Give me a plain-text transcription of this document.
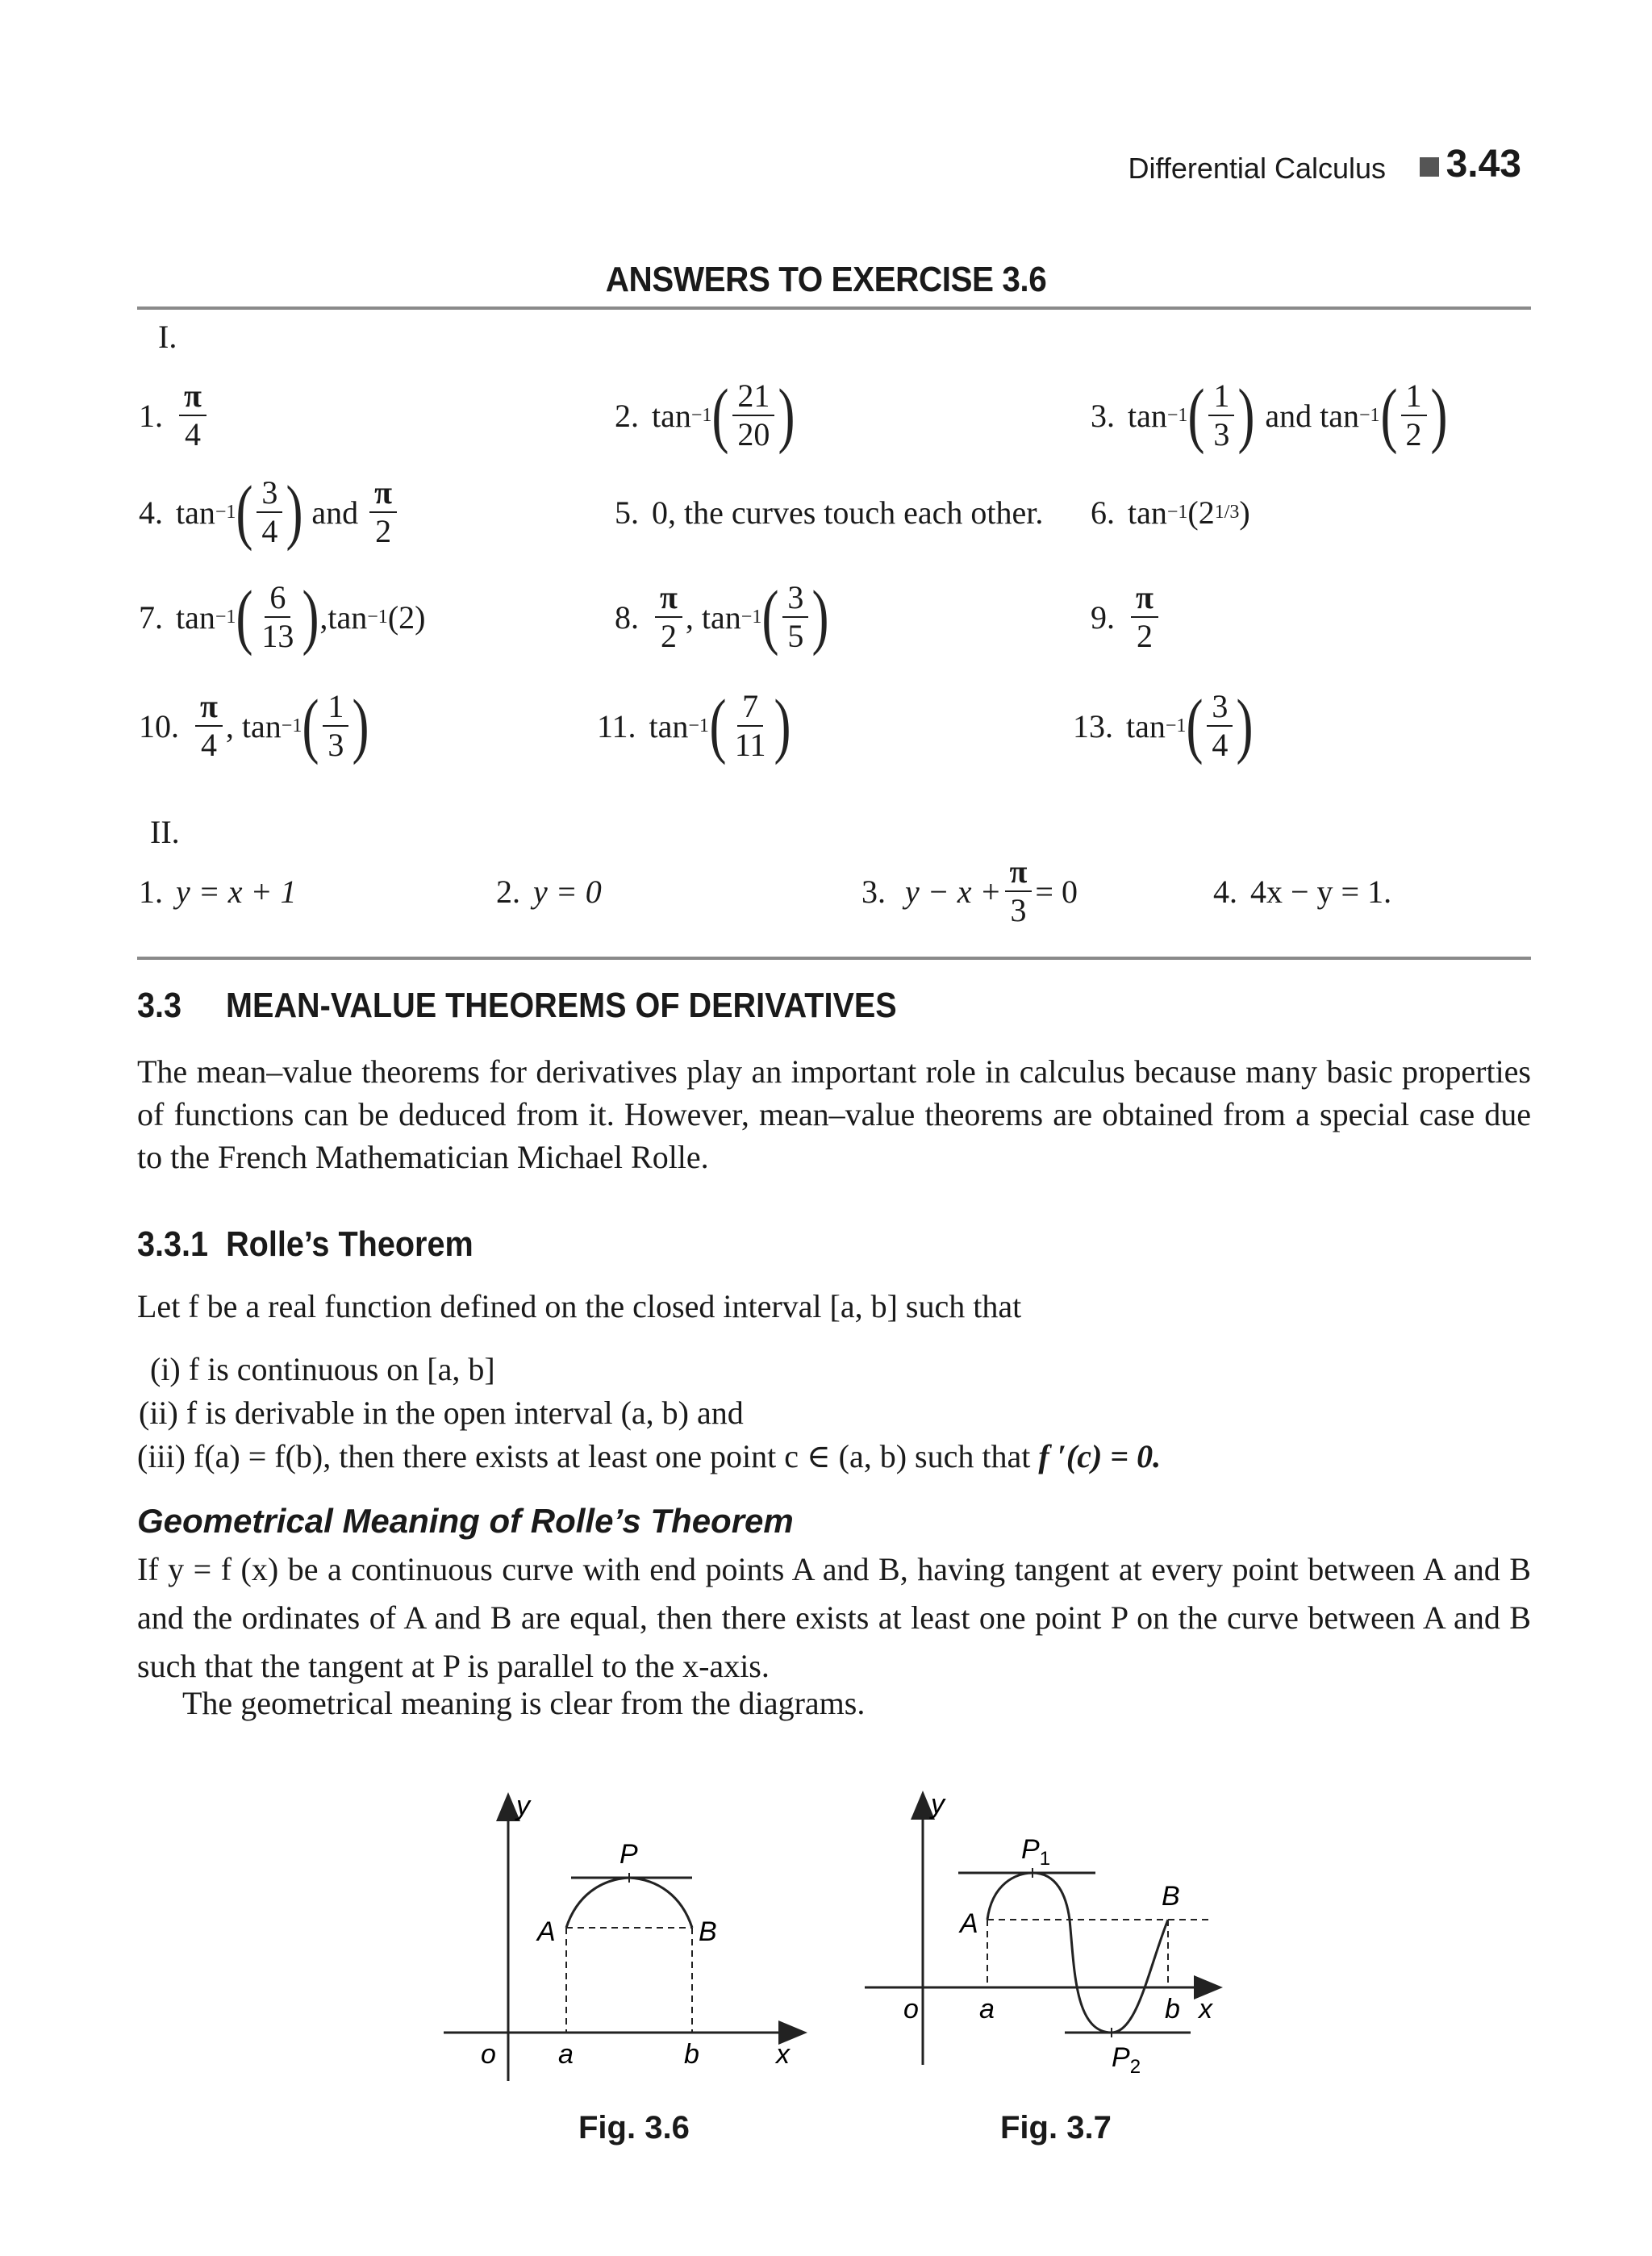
Differential Calculus	3.43
ANSWERS TO EXERCISE 3.6
I.
1. $\frac{\pi}{4}$	2. tan −1 ( $\frac{21}{20}$ )	3. tan −1 ( $\frac{1}{3}$ ) and tan −1 ( $\frac{1}{2}$ )
4. tan −1 ( $\frac{3}{4}$ ) and $\frac{\pi}{2}$	5. 0, the curves touch each other. 6. tan −1 (2 1/3 )
7. tan −1 ( $\frac{6}{13}$ ) ,tan −1 (2)	8. $\frac{\pi}{2}$ , tan −1 ( $\frac{3}{5}$ )	9. $\frac{\pi}{2}$
10. $\frac{\pi}{4}$ , tan −1 ( $\frac{1}{3}$ )	11. tan −1 ( $\frac{7}{11}$ )	13. tan −1 ( $\frac{3}{4}$ )
II.
1. y = x + 1	2. y = 0	3. $y - x + \frac{\pi}{3} = 0$	4. 4x − y = 1.
3.3     MEAN-VALUE THEOREMS OF DERIVATIVES
The mean–value theorems for derivatives play an important role in calculus because many basic properties of functions can be deduced from it. However, mean–value theorems are obtained from a special case due to the French Mathematician Michael Rolle.
3.3.1  Rolle’s Theorem
Let f be a real function defined on the closed interval [a, b] such that
(i) f is continuous on [a, b]
(ii) f is derivable in the open interval (a, b) and
(iii) f(a) = f(b), then there exists at least one point c ∈ (a, b) such that f ′(c) = 0.
Geometrical Meaning of Rolle’s Theorem
If y = f (x) be a continuous curve with end points A and B, having tangent at every point between A and B and the ordinates of A and B are equal, then there exists at least one point P on the curve between A and B such that the tangent at P is parallel to the x-axis.
The geometrical meaning is clear from the diagrams.
y
x
o a	b
A	B
P
Fig. 3.6
y
x
o a	b
A
B
$P_1$
$P_2$
Fig. 3.7
